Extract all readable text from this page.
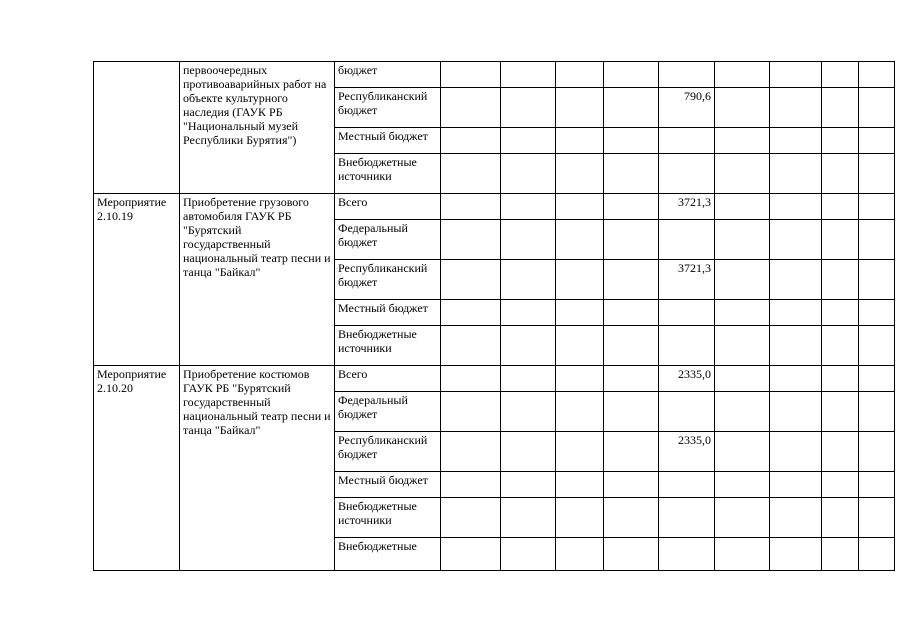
	первоочередных противоаварийных работ на объекте культурного наследия (ГАУК РБ "Национальный музей Республики Бурятия")	бюджет									
		Республиканский бюджет					790,6				
		Местный бюджет									
		Внебюджетные источники									
Мероприятие 2.10.19	Приобретение грузового автомобиля ГАУК РБ "Бурятский государственный национальный театр песни и танца "Байкал"	Всего					3721,3				
		Федеральный бюджет									
		Республиканский бюджет					3721,3				
		Местный бюджет									
		Внебюджетные источники									
Мероприятие 2.10.20	Приобретение костюмов ГАУК РБ "Бурятский государственный национальный театр песни и танца "Байкал"	Всего					2335,0				
		Федеральный бюджет									
		Республиканский бюджет					2335,0				
		Местный бюджет									
		Внебюджетные источники									
		Внебюджетные									
